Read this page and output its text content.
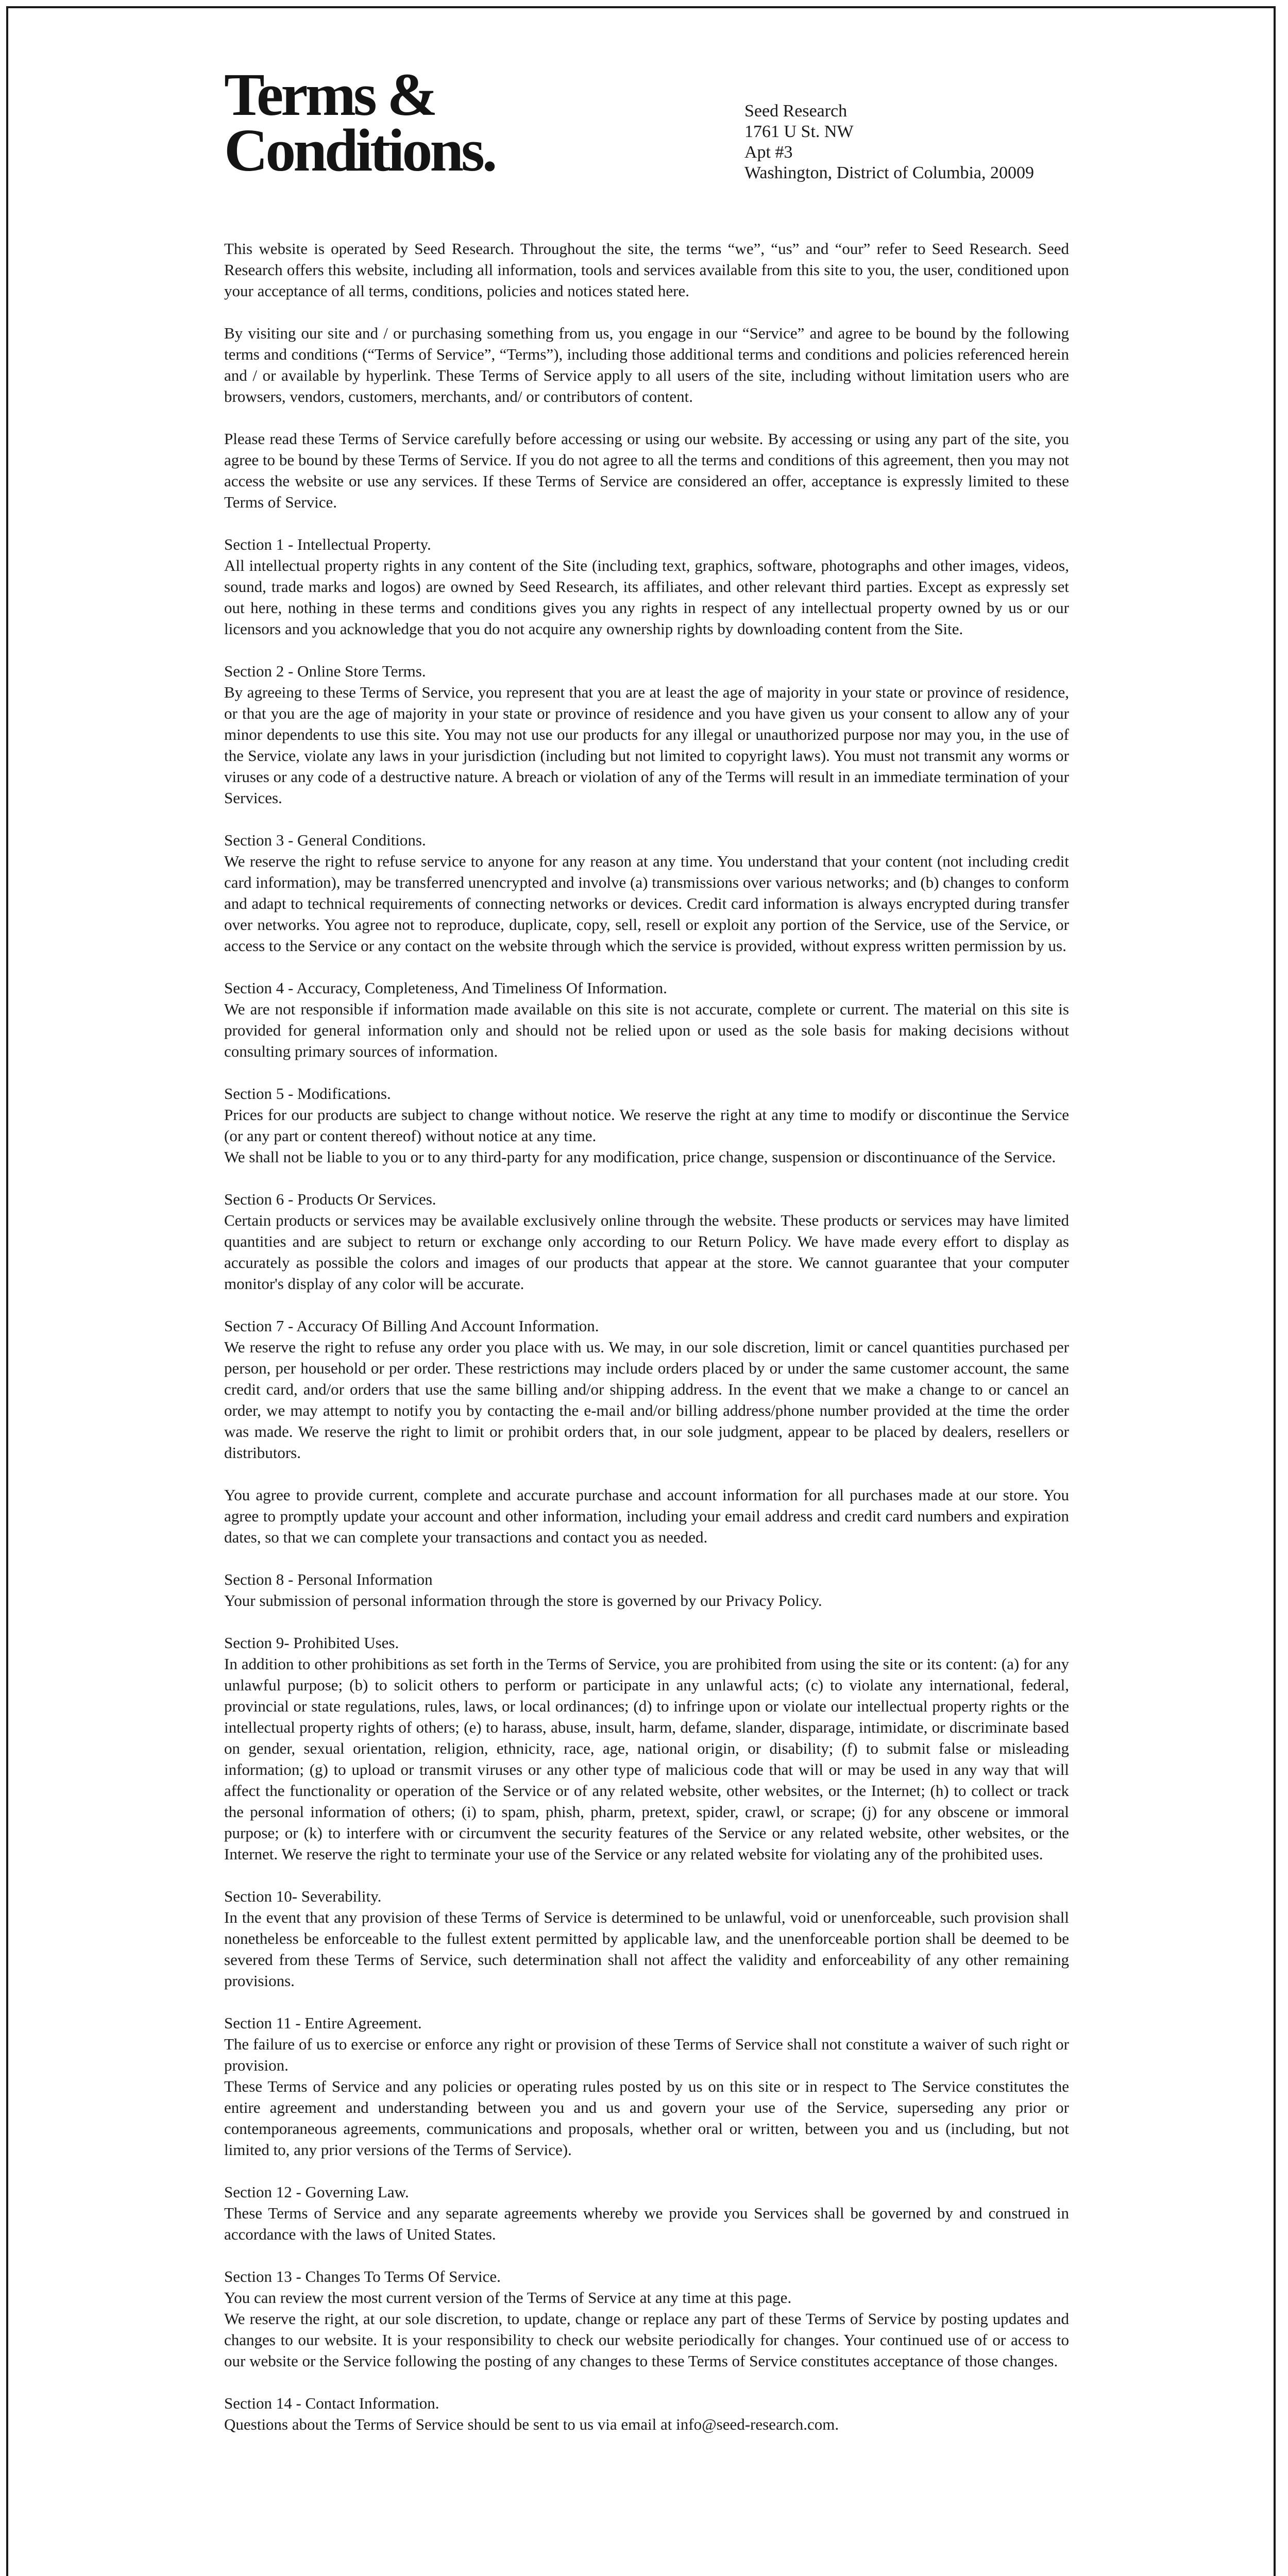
Terms &
Conditions.
Seed Research
1761 U St. NW
Apt #3
Washington, District of Columbia, 20009

This website is operated by Seed Research. Throughout the site, the terms “we”, “us” and “our” refer to Seed Research. Seed Research offers this website, including all information, tools and services available from this site to you, the user, conditioned upon your acceptance of all terms, conditions, policies and notices stated here.

By visiting our site and / or purchasing something from us, you engage in our “Service” and agree to be bound by the following terms and conditions (“Terms of Service”, “Terms”), including those additional terms and conditions and policies referenced herein and / or available by hyperlink. These Terms of Service apply to all users of the site, including without limitation users who are browsers, vendors, customers, merchants, and/ or contributors of content.

Please read these Terms of Service carefully before accessing or using our website. By accessing or using any part of the site, you agree to be bound by these Terms of Service. If you do not agree to all the terms and conditions of this agreement, then you may not access the website or use any services. If these Terms of Service are considered an offer, acceptance is expressly limited to these Terms of Service.

Section 1 - Intellectual Property.
All intellectual property rights in any content of the Site (including text, graphics, software, photographs and other images, videos, sound, trade marks and logos) are owned by Seed Research, its affiliates, and other relevant third parties. Except as expressly set out here, nothing in these terms and conditions gives you any rights in respect of any intellectual property owned by us or our licensors and you acknowledge that you do not acquire any ownership rights by downloading content from the Site.
Section 2 - Online Store Terms.
By agreeing to these Terms of Service, you represent that you are at least the age of majority in your state or province of residence, or that you are the age of majority in your state or province of residence and you have given us your consent to allow any of your minor dependents to use this site. You may not use our products for any illegal or unauthorized purpose nor may you, in the use of the Service, violate any laws in your jurisdiction (including but not limited to copyright laws). You must not transmit any worms or viruses or any code of a destructive nature. A breach or violation of any of the Terms will result in an immediate termination of your Services.
Section 3 - General Conditions.
We reserve the right to refuse service to anyone for any reason at any time. You understand that your content (not including credit card information), may be transferred unencrypted and involve (a) transmissions over various networks; and (b) changes to conform and adapt to technical requirements of connecting networks or devices. Credit card information is always encrypted during transfer over networks. You agree not to reproduce, duplicate, copy, sell, resell or exploit any portion of the Service, use of the Service, or access to the Service or any contact on the website through which the service is provided, without express written permission by us.
Section 4 - Accuracy, Completeness, And Timeliness Of Information.
We are not responsible if information made available on this site is not accurate, complete or current. The material on this site is provided for general information only and should not be relied upon or used as the sole basis for making decisions without consulting primary sources of information.
Section 5 - Modifications.
Prices for our products are subject to change without notice. We reserve the right at any time to modify or discontinue the Service (or any part or content thereof) without notice at any time.
We shall not be liable to you or to any third-party for any modification, price change, suspension or discontinuance of the Service.
Section 6 - Products Or Services.
Certain products or services may be available exclusively online through the website. These products or services may have limited quantities and are subject to return or exchange only according to our Return Policy. We have made every effort to display as accurately as possible the colors and images of our products that appear at the store. We cannot guarantee that your computer monitor's display of any color will be accurate.
Section 7 - Accuracy Of Billing And Account Information.
We reserve the right to refuse any order you place with us. We may, in our sole discretion, limit or cancel quantities purchased per person, per household or per order. These restrictions may include orders placed by or under the same customer account, the same credit card, and/or orders that use the same billing and/or shipping address. In the event that we make a change to or cancel an order, we may attempt to notify you by contacting the e-mail and/or billing address/phone number provided at the time the order was made. We reserve the right to limit or prohibit orders that, in our sole judgment, appear to be placed by dealers, resellers or distributors.

You agree to provide current, complete and accurate purchase and account information for all purchases made at our store. You agree to promptly update your account and other information, including your email address and credit card numbers and expiration dates, so that we can complete your transactions and contact you as needed.

Section 8 - Personal Information
Your submission of personal information through the store is governed by our Privacy Policy.
Section 9- Prohibited Uses.
In addition to other prohibitions as set forth in the Terms of Service, you are prohibited from using the site or its content: (a) for any unlawful purpose; (b) to solicit others to perform or participate in any unlawful acts; (c) to violate any international, federal, provincial or state regulations, rules, laws, or local ordinances; (d) to infringe upon or violate our intellectual property rights or the intellectual property rights of others; (e) to harass, abuse, insult, harm, defame, slander, disparage, intimidate, or discriminate based on gender, sexual orientation, religion, ethnicity, race, age, national origin, or disability; (f) to submit false or misleading information; (g) to upload or transmit viruses or any other type of malicious code that will or may be used in any way that will affect the functionality or operation of the Service or of any related website, other websites, or the Internet; (h) to collect or track the personal information of others; (i) to spam, phish, pharm, pretext, spider, crawl, or scrape; (j) for any obscene or immoral purpose; or (k) to interfere with or circumvent the security features of the Service or any related website, other websites, or the Internet. We reserve the right to terminate your use of the Service or any related website for violating any of the prohibited uses.
Section 10- Severability.
In the event that any provision of these Terms of Service is determined to be unlawful, void or unenforceable, such provision shall nonetheless be enforceable to the fullest extent permitted by applicable law, and the unenforceable portion shall be deemed to be severed from these Terms of Service, such determination shall not affect the validity and enforceability of any other remaining provisions.
Section 11 - Entire Agreement.
The failure of us to exercise or enforce any right or provision of these Terms of Service shall not constitute a waiver of such right or provision.
These Terms of Service and any policies or operating rules posted by us on this site or in respect to The Service constitutes the entire agreement and understanding between you and us and govern your use of the Service, superseding any prior or contemporaneous agreements, communications and proposals, whether oral or written, between you and us (including, but not limited to, any prior versions of the Terms of Service).
Section 12 - Governing Law.
These Terms of Service and any separate agreements whereby we provide you Services shall be governed by and construed in accordance with the laws of United States.
Section 13 - Changes To Terms Of Service.
You can review the most current version of the Terms of Service at any time at this page.
We reserve the right, at our sole discretion, to update, change or replace any part of these Terms of Service by posting updates and changes to our website. It is your responsibility to check our website periodically for changes. Your continued use of or access to our website or the Service following the posting of any changes to these Terms of Service constitutes acceptance of those changes.
Section 14 - Contact Information.
Questions about the Terms of Service should be sent to us via email at info@seed-research.com.
